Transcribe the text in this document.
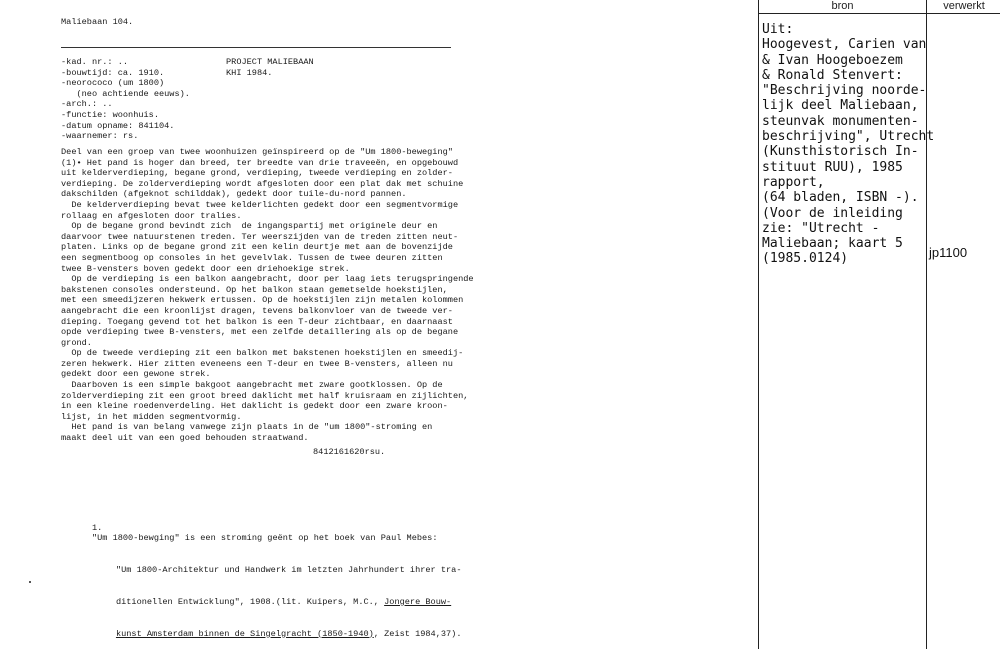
Maliebaan 104.
-kad. nr.: ..
-bouwtijd: ca. 1910.
-neorococo (um 1800)
(neo achtiende eeuws).
-arch.: ..
-functie: woonhuis.
-datum opname: 841104.
-waarnemer: rs.
PROJECT MALIEBAAN
KHI 1984.
Deel van een groep van twee woonhuizen geïnspireerd op de "Um 1800-beweging"
(1)• Het pand is hoger dan breed, ter breedte van drie traveeën, en opgebouwd
uit kelderverdieping, begane grond, verdieping, tweede verdieping en zolder-
verdieping. De zolderverdieping wordt afgesloten door een plat dak met schuine
dakschilden (afgeknot schilddak), gedekt door tuile-du-nord pannen.
De kelderverdieping bevat twee kelderlichten gedekt door een segmentvormige
rollaag en afgesloten door tralies.
Op de begane grond bevindt zich  de ingangspartij met originele deur en
daarvoor twee natuurstenen treden. Ter weerszijden van de treden zitten neut-
platen. Links op de begane grond zit een kelin deurtje met aan de bovenzijde
een segmentboog op consoles in het gevelvlak. Tussen de twee deuren zitten
twee B-vensters boven gedekt door een driehoekige strek.
Op de verdieping is een balkon aangebracht, door per laag iets terugspringende
bakstenen consoles ondersteund. Op het balkon staan gemetselde hoekstijlen,
met een smeedijzeren hekwerk ertussen. Op de hoekstijlen zijn metalen kolommen
aangebracht die een kroonlijst dragen, tevens balkonvloer van de tweede ver-
dieping. Toegang gevend tot het balkon is een T-deur zichtbaar, en daarnaast
opde verdieping twee B-vensters, met een zelfde detaillering als op de begane
grond.
Op de tweede verdieping zit een balkon met bakstenen hoekstijlen en smeedij-
zeren hekwerk. Hier zitten eveneens een T-deur en twee B-vensters, alleen nu
gedekt door een gewone strek.
Daarboven is een simple bakgoot aangebracht met zware gootklossen. Op de
zolderverdieping zit een groot breed daklicht met half kruisraam en zijlichten,
in een kleine roedenverdeling. Het daklicht is gedekt door een zware kroon-
lijst, in het midden segmentvormig.
Het pand is van belang vanwege zijn plaats in de "um 1800"-stroming en
maakt deel uit van een goed behouden straatwand.
8412161620rsu.

1.
"Um 1800-bewging" is een stroming geënt op het boek van Paul Mebes:

"Um 1800-Architektur und Handwerk im letzten Jahrhundert ihrer tra-

ditionellen Entwicklung", 1908.(lit. Kuipers, M.C., Jongere Bouw-

kunst Amsterdam binnen de Singelgracht (1850-1940), Zeist 1984,37).

bron	verwerkt
Uit:
Hoogevest, Carien van
& Ivan Hoogeboezem
& Ronald Stenvert:
"Beschrijving noorde-
lijk deel Maliebaan,
steunvak monumenten-
beschrijving", Utrecht
(Kunsthistorisch In-
stituut RUU), 1985
rapport,
(64 bladen, ISBN -).
(Voor de inleiding
zie: "Utrecht -
Maliebaan; kaart 5
(1985.0124)	jp1100
